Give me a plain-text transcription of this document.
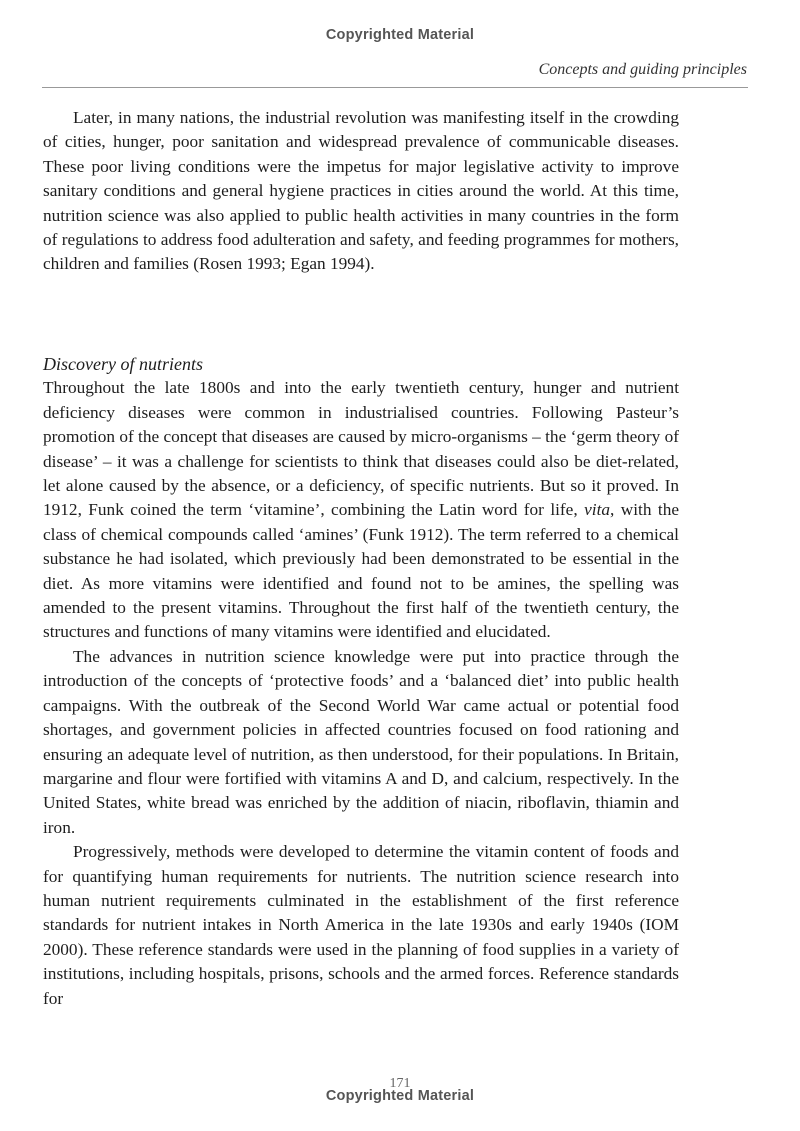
Copyrighted Material
Concepts and guiding principles

Later, in many nations, the industrial revolution was manifesting itself in the crowding of cities, hunger, poor sanitation and widespread prevalence of communicable diseases. These poor living conditions were the impetus for major legislative activity to improve sanitary conditions and general hygiene practices in cities around the world. At this time, nutrition science was also applied to public health activities in many countries in the form of regulations to address food adulteration and safety, and feeding programmes for mothers, children and families (Rosen 1993; Egan 1994).

Discovery of nutrients

Throughout the late 1800s and into the early twentieth century, hunger and nutrient deficiency diseases were common in industrialised countries. Following Pasteur’s promotion of the concept that diseases are caused by micro-organisms – the ‘germ theory of disease’ – it was a challenge for scientists to think that diseases could also be diet-related, let alone caused by the absence, or a deficiency, of specific nutrients. But so it proved. In 1912, Funk coined the term ‘vitamine’, combining the Latin word for life, vita, with the class of chemical compounds called ‘amines’ (Funk 1912). The term referred to a chemical substance he had isolated, which previously had been demonstrated to be essential in the diet. As more vitamins were identified and found not to be amines, the spelling was amended to the present vitamins. Throughout the first half of the twentieth century, the structures and functions of many vitamins were identified and elucidated.

The advances in nutrition science knowledge were put into practice through the introduction of the concepts of ‘protective foods’ and a ‘balanced diet’ into public health campaigns. With the outbreak of the Second World War came actual or potential food shortages, and government policies in affected countries focused on food rationing and ensuring an adequate level of nutrition, as then understood, for their populations. In Britain, margarine and flour were fortified with vitamins A and D, and calcium, respectively. In the United States, white bread was enriched by the addition of niacin, riboflavin, thiamin and iron.

Progressively, methods were developed to determine the vitamin content of foods and for quantifying human requirements for nutrients. The nutrition science research into human nutrient requirements culminated in the establishment of the first reference standards for nutrient intakes in North America in the late 1930s and early 1940s (IOM 2000). These reference standards were used in the planning of food supplies in a variety of institutions, including hospitals, prisons, schools and the armed forces. Reference standards for

171
Copyrighted Material
